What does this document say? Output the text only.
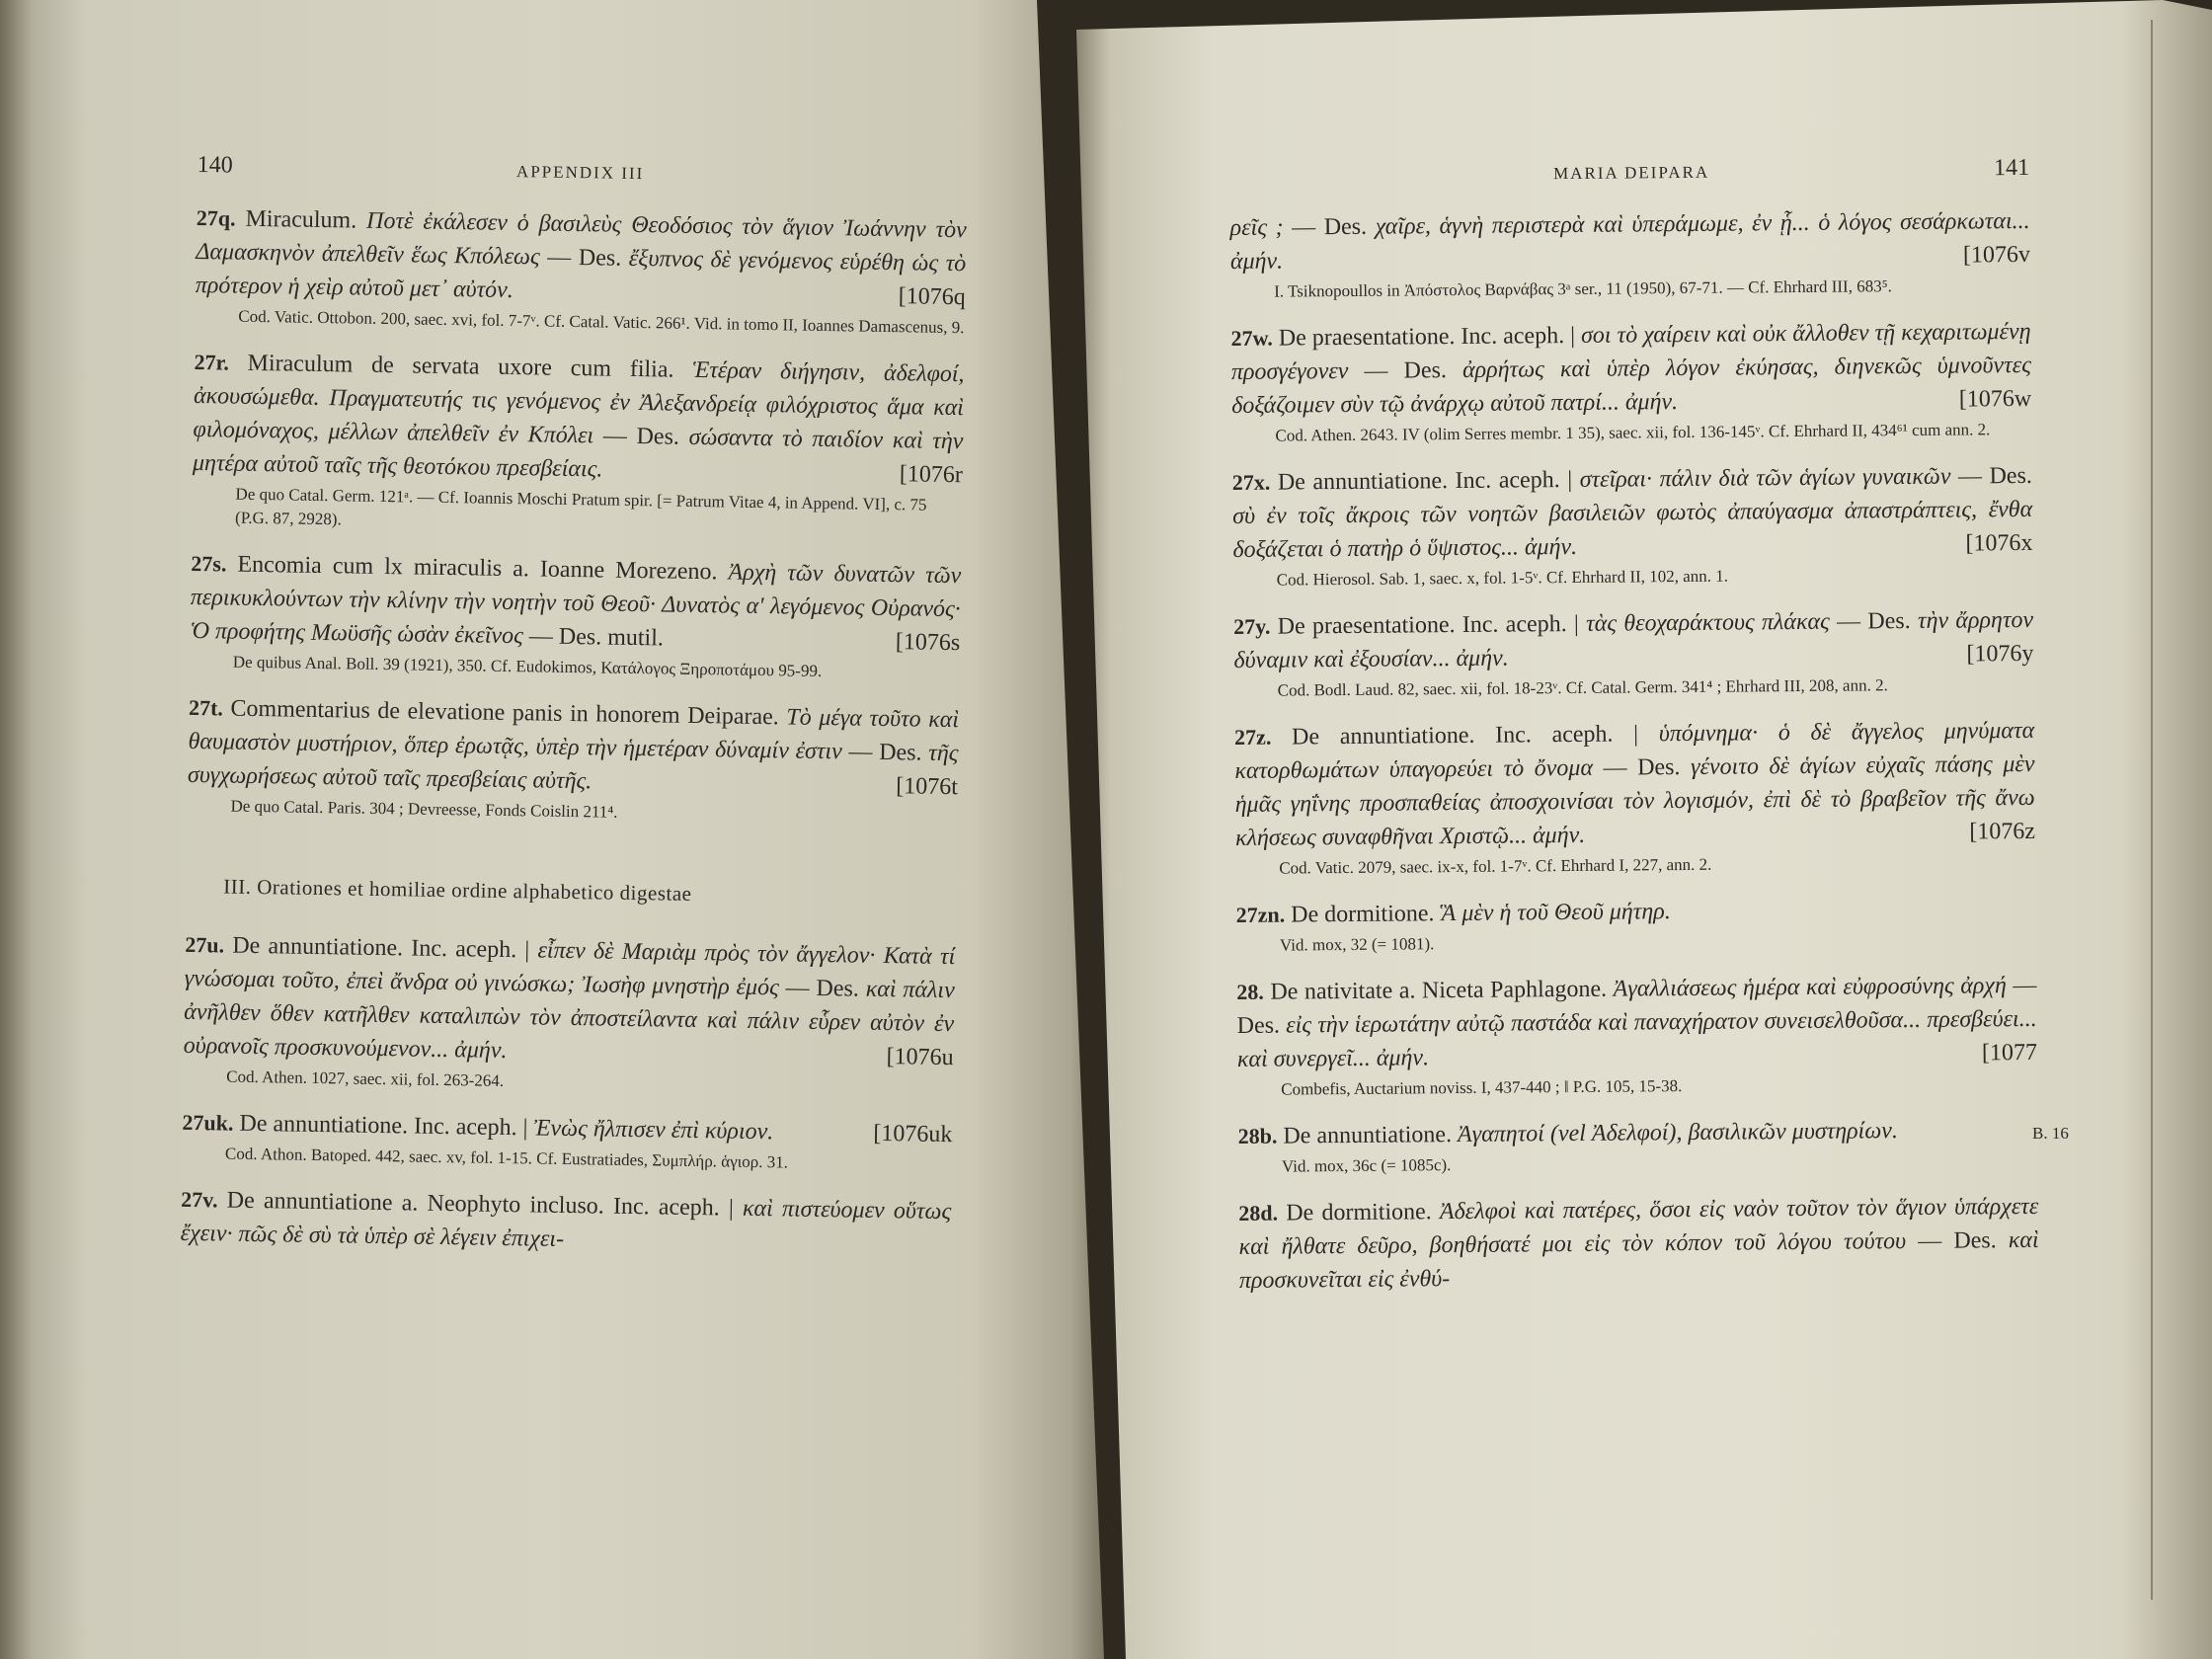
140	APPENDIX III

27q. Miraculum. Ποτὲ ἐκάλεσεν ὁ βασιλεὺς Θεοδόσιος τὸν ἅγιον Ἰωάννην τὸν Δαμασκηνὸν ἀπελθεῖν ἕως Κπόλεως — Des. ἔξυπνος δὲ γενόμενος εὑρέθη ὡς τὸ πρότερον ἡ χεὶρ αὐτοῦ μετ᾽ αὐτόν.	[1076q

Cod. Vatic. Ottobon. 200, saec. xvi, fol. 7-7ᵛ. Cf. Catal. Vatic. 266¹. Vid. in tomo II, Ioannes Damascenus, 9.

27r. Miraculum de servata uxore cum filia. Ἑτέραν διήγησιν, ἀδελφοί, ἀκουσώμεθα. Πραγματευτής τις γενόμενος ἐν Ἀλεξανδρείᾳ φιλόχριστος ἅμα καὶ φιλομόναχος, μέλλων ἀπελθεῖν ἐν Κπόλει — Des. σώσαντα τὸ παιδίον καὶ τὴν μητέρα αὐτοῦ ταῖς τῆς θεοτόκου πρεσβείαις.	[1076r

De quo Catal. Germ. 121ᵃ. — Cf. Ioannis Moschi Pratum spir. [= Patrum Vitae 4, in Append. VI], c. 75 (P.G. 87, 2928).

27s. Encomia cum lx miraculis a. Ioanne Morezeno. Ἀρχὴ τῶν δυνατῶν τῶν περικυκλούντων τὴν κλίνην τὴν νοητὴν τοῦ Θεοῦ· Δυνατὸς α' λεγόμενος Οὐρανός· Ὁ προφήτης Μωϋσῆς ὡσὰν ἐκεῖνος — Des. mutil.	[1076s

De quibus Anal. Boll. 39 (1921), 350. Cf. Eudokimos, Κατάλογος Ξηροποτάμου 95-99.

27t. Commentarius de elevatione panis in honorem Deiparae. Τὸ μέγα τοῦτο καὶ θαυμαστὸν μυστήριον, ὅπερ ἐρωτᾷς, ὑπὲρ τὴν ἡμετέραν δύναμίν ἐστιν — Des. τῆς συγχωρήσεως αὐτοῦ ταῖς πρεσβείαις αὐτῆς.	[1076t

De quo Catal. Paris. 304 ; Devreesse, Fonds Coislin 211⁴.

III. Orationes et homiliae ordine alphabetico digestae

27u. De annuntiatione. Inc. aceph. | εἶπεν δὲ Μαριὰμ πρὸς τὸν ἄγγελον· Κατὰ τί γνώσομαι τοῦτο, ἐπεὶ ἄνδρα οὐ γινώσκω; Ἰωσὴφ μνηστὴρ ἐμός — Des. καὶ πάλιν ἀνῆλθεν ὅθεν κατῆλθεν καταλιπὼν τὸν ἀποστείλαντα καὶ πάλιν εὗρεν αὐτὸν ἐν οὐρανοῖς προσκυνούμενον... ἀμήν.	[1076u

Cod. Athen. 1027, saec. xii, fol. 263-264.

27uk. De annuntiatione. Inc. aceph. | Ἐνὼς ἤλπισεν ἐπὶ κύριον.	[1076uk

Cod. Athon. Batoped. 442, saec. xv, fol. 1-15. Cf. Eustratiades, Συμπλήρ. ἁγιορ. 31.

27v. De annuntiatione a. Neophyto incluso. Inc. aceph. | καὶ πιστεύομεν οὕτως ἔχειν· πῶς δὲ σὺ τὰ ὑπὲρ σὲ λέγειν ἐπιχει-

MARIA DEIPARA	141

ρεῖς ; — Des. χαῖρε, ἁγνὴ περιστερὰ καὶ ὑπεράμωμε, ἐν ᾗ... ὁ λόγος σεσάρκωται... ἀμήν.	[1076v

I. Tsiknopoullos in Ἀπόστολος Βαρνάβας 3ᵃ ser., 11 (1950), 67-71. — Cf. Ehrhard III, 683⁵.

27w. De praesentatione. Inc. aceph. | σοι τὸ χαίρειν καὶ οὐκ ἄλλοθεν τῇ κεχαριτωμένῃ προσγέγονεν — Des. ἀρρήτως καὶ ὑπὲρ λόγον ἐκύησας, διηνεκῶς ὑμνοῦντες δοξάζοιμεν σὺν τῷ ἀνάρχῳ αὐτοῦ πατρί... ἀμήν.	[1076w

Cod. Athen. 2643. IV (olim Serres membr. 1 35), saec. xii, fol. 136-145ᵛ. Cf. Ehrhard II, 434⁶¹ cum ann. 2.

27x. De annuntiatione. Inc. aceph. | στεῖραι· πάλιν διὰ τῶν ἁγίων γυναικῶν — Des. σὺ ἐν τοῖς ἄκροις τῶν νοητῶν βασιλειῶν φωτὸς ἀπαύγασμα ἀπαστράπτεις, ἔνθα δοξάζεται ὁ πατὴρ ὁ ὕψιστος... ἀμήν.	[1076x

Cod. Hierosol. Sab. 1, saec. x, fol. 1-5ᵛ. Cf. Ehrhard II, 102, ann. 1.

27y. De praesentatione. Inc. aceph. | τὰς θεοχαράκτους πλάκας — Des. τὴν ἄρρητον δύναμιν καὶ ἐξουσίαν... ἀμήν.	[1076y

Cod. Bodl. Laud. 82, saec. xii, fol. 18-23ᵛ. Cf. Catal. Germ. 341⁴ ; Ehrhard III, 208, ann. 2.

27z. De annuntiatione. Inc. aceph. | ὑπόμνημα· ὁ δὲ ἄγγελος μηνύματα κατορθωμάτων ὑπαγορεύει τὸ ὄνομα — Des. γένοιτο δὲ ἁγίων εὐχαῖς πάσης μὲν ἡμᾶς γηΐνης προσπαθείας ἀποσχοινίσαι τὸν λογισμόν, ἐπὶ δὲ τὸ βραβεῖον τῆς ἄνω κλήσεως συναφθῆναι Χριστῷ... ἀμήν.	[1076z

Cod. Vatic. 2079, saec. ix-x, fol. 1-7ᵛ. Cf. Ehrhard I, 227, ann. 2.

27zn. De dormitione. Ἃ μὲν ἡ τοῦ Θεοῦ μήτηρ.

Vid. mox, 32 (= 1081).

28. De nativitate a. Niceta Paphlagone. Ἀγαλλιάσεως ἡμέρα καὶ εὐφροσύνης ἀρχή — Des. εἰς τὴν ἱερωτάτην αὐτῷ παστάδα καὶ παναχήρατον συνεισελθοῦσα... πρεσβεύει... καὶ συνεργεῖ... ἀμήν.	[1077

Combefis, Auctarium noviss. I, 437-440 ; ‖ P.G. 105, 15-38.

28b. De annuntiatione. Ἀγαπητοί (vel Ἀδελφοί), βασιλικῶν μυστηρίων.

Vid. mox, 36c (= 1085c).

28d. De dormitione. Ἀδελφοὶ καὶ πατέρες, ὅσοι εἰς ναὸν τοῦτον τὸν ἅγιον ὑπάρχετε καὶ ἤλθατε δεῦρο, βοηθήσατέ μοι εἰς τὸν κόπον τοῦ λόγου τούτου — Des. καὶ προσκυνεῖται εἰς ἐνθύ-

B. 16
